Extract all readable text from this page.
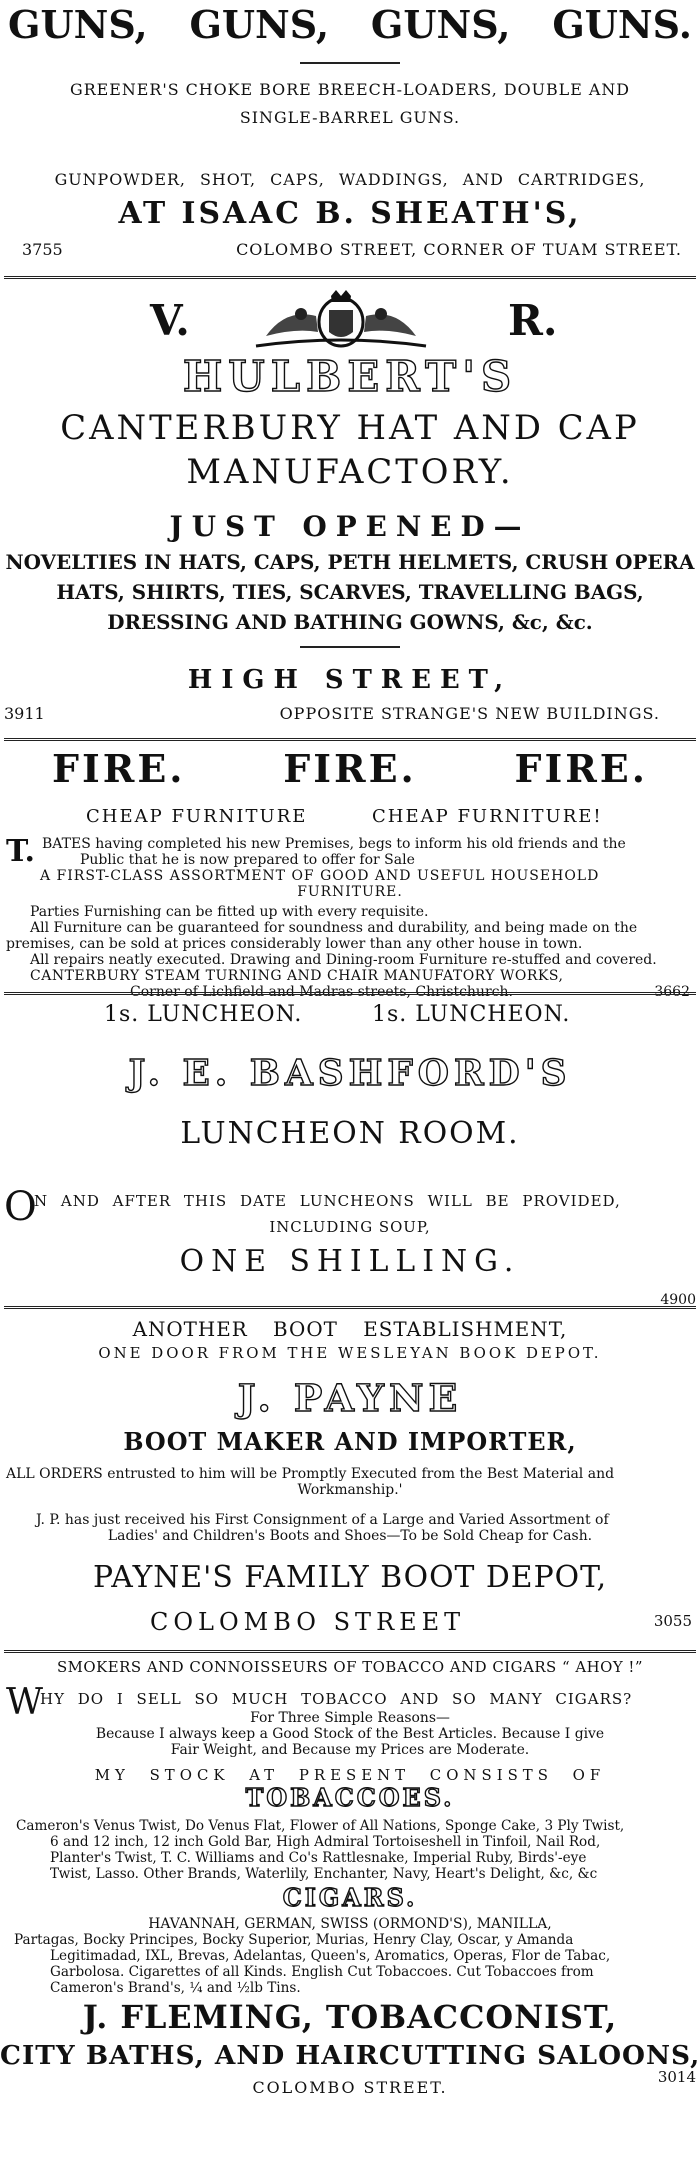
GUNS, GUNS, GUNS, GUNS.
GREENER'S CHOKE BORE BREECH-LOADERS, DOUBLE AND
SINGLE-BARREL GUNS.
GUNPOWDER, SHOT, CAPS, WADDINGS, AND CARTRIDGES,
AT ISAAC B. SHEATH'S,
3755	COLOMBO STREET, CORNER OF TUAM STREET.
V.	R.
HULBERT'S
CANTERBURY HAT AND CAP
MANUFACTORY.
JUST OPENED—
NOVELTIES IN HATS, CAPS, PETH HELMETS, CRUSH OPERA
HATS, SHIRTS, TIES, SCARVES, TRAVELLING BAGS,
DRESSING AND BATHING GOWNS, &c, &c.
HIGH STREET,
3911	OPPOSITE STRANGE'S NEW BUILDINGS.
FIRE.	FIRE.	FIRE.
CHEAP FURNITURE	CHEAP FURNITURE!
T. BATES having completed his new Premises, begs to inform his old friends and the
Public that he is now prepared to offer for Sale
A FIRST-CLASS ASSORTMENT OF GOOD AND USEFUL HOUSEHOLD
FURNITURE.
Parties Furnishing can be fitted up with every requisite.
All Furniture can be guaranteed for soundness and durability, and being made on the
premises, can be sold at prices considerably lower than any other house in town.
All repairs neatly executed. Drawing and Dining-room Furniture re-stuffed and covered.
CANTERBURY STEAM TURNING AND CHAIR MANUFATORY WORKS,
Corner of Lichfield and Madras streets, Christchurch.	3662
1s. LUNCHEON.	1s. LUNCHEON.
J. E. BASHFORD'S
LUNCHEON ROOM.
O
N AND AFTER THIS DATE LUNCHEONS WILL BE PROVIDED,
INCLUDING SOUP,
ONE SHILLING.
4900
ANOTHER BOOT ESTABLISHMENT,
ONE DOOR FROM THE WESLEYAN BOOK DEPOT.
J. PAYNE
BOOT MAKER AND IMPORTER,
ALL ORDERS entrusted to him will be Promptly Executed from the Best Material and
Workmanship.'
J. P. has just received his First Consignment of a Large and Varied Assortment of
Ladies' and Children's Boots and Shoes—To be Sold Cheap for Cash.
PAYNE'S FAMILY BOOT DEPOT,
COLOMBO STREET	3055
SMOKERS AND CONNOISSEURS OF TOBACCO AND CIGARS “ AHOY !”
W
HY DO I SELL SO MUCH TOBACCO AND SO MANY CIGARS?
For Three Simple Reasons—
Because I always keep a Good Stock of the Best Articles. Because I give
Fair Weight, and Because my Prices are Moderate.
MY STOCK AT PRESENT CONSISTS OF
TOBACCOES.
Cameron's Venus Twist, Do Venus Flat, Flower of All Nations, Sponge Cake, 3 Ply Twist,
6 and 12 inch, 12 inch Gold Bar, High Admiral Tortoiseshell in Tinfoil, Nail Rod,
Planter's Twist, T. C. Williams and Co's Rattlesnake, Imperial Ruby, Birds'-eye
Twist, Lasso. Other Brands, Waterlily, Enchanter, Navy, Heart's Delight, &c, &c
CIGARS.
HAVANNAH, GERMAN, SWISS (ORMOND'S), MANILLA,
Partagas, Bocky Principes, Bocky Superior, Murias, Henry Clay, Oscar, y Amanda
Legitimadad, IXL, Brevas, Adelantas, Queen's, Aromatics, Operas, Flor de Tabac,
Garbolosa. Cigarettes of all Kinds. English Cut Tobaccoes. Cut Tobaccoes from
Cameron's Brand's, ¼ and ½lb Tins.
J. FLEMING, TOBACCONIST,
CITY BATHS, AND HAIRCUTTING SALOONS,
COLOMBO STREET.
3014
